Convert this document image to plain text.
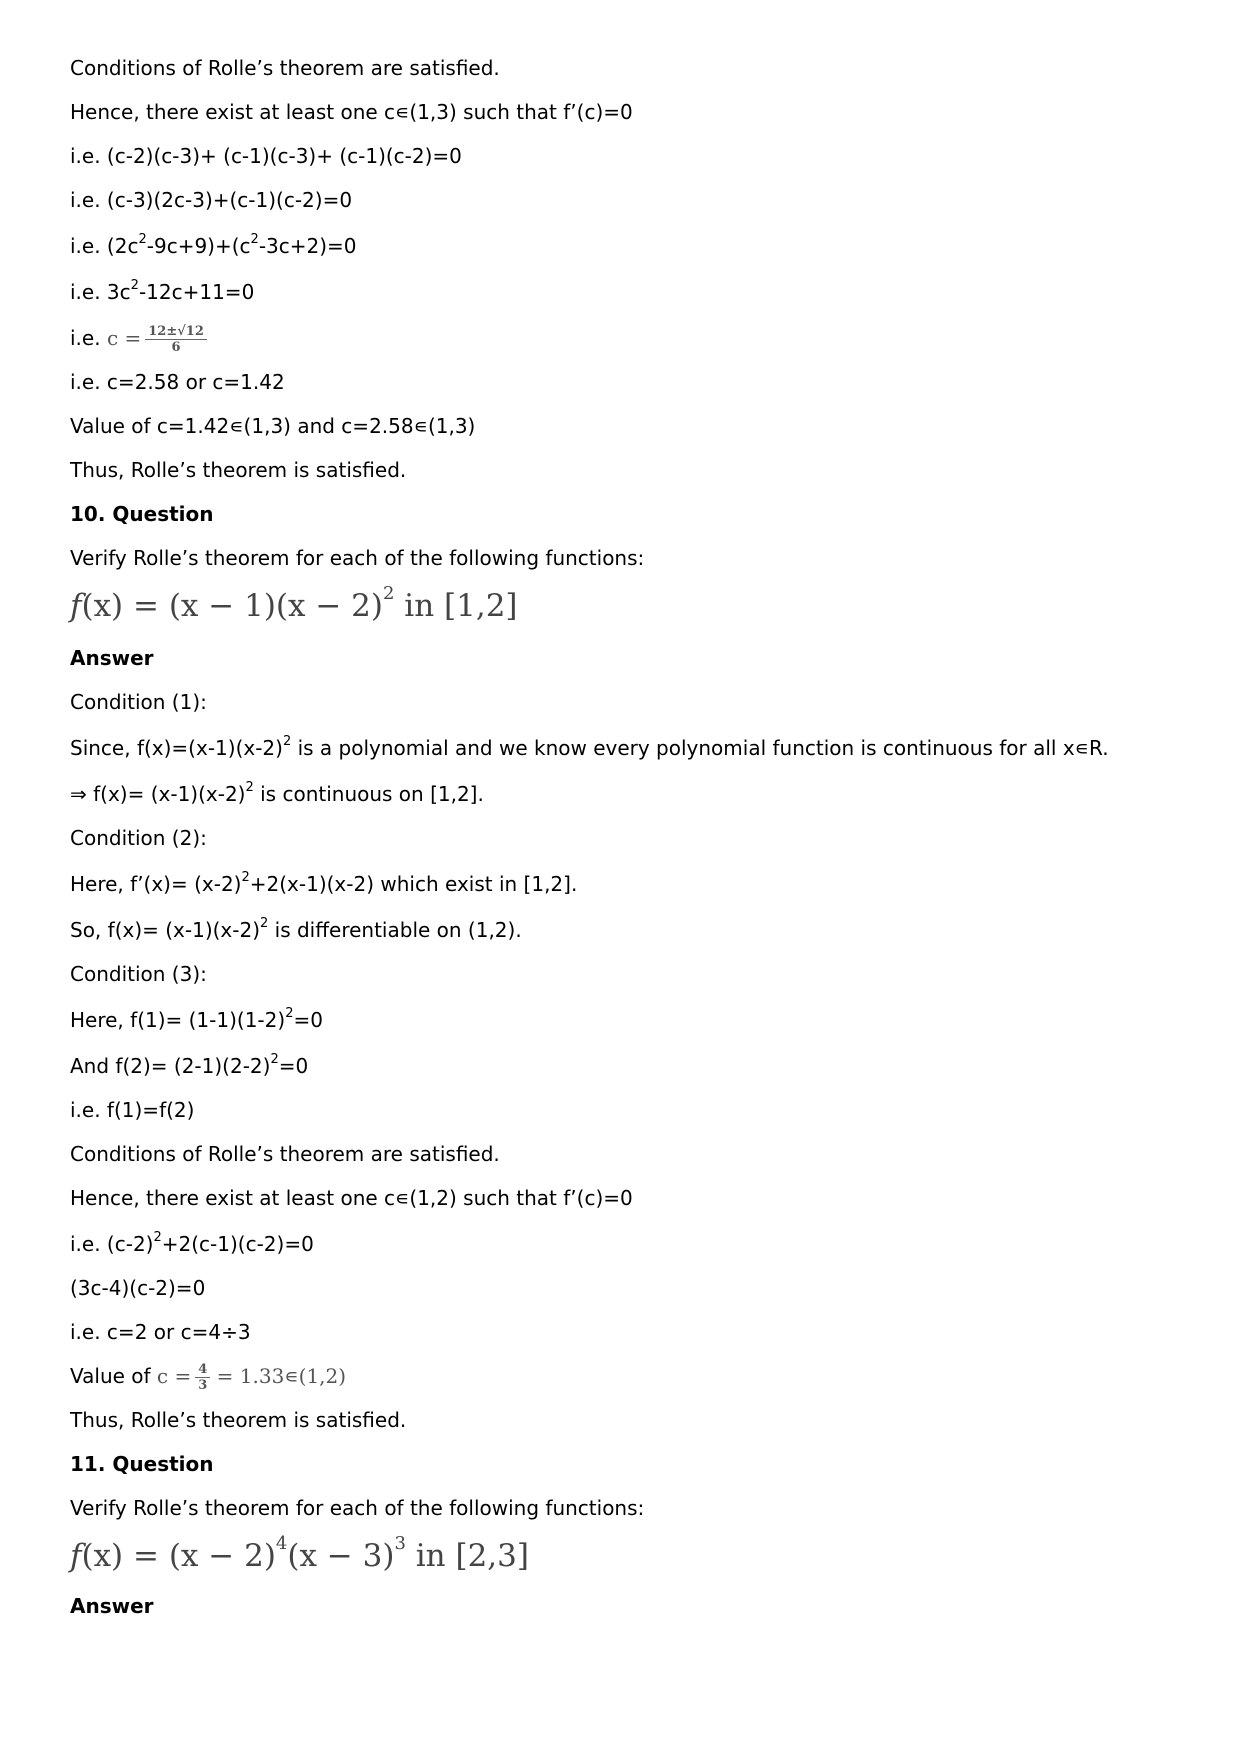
Conditions of Rolle’s theorem are satisfied.

Hence, there exist at least one c∊(1,3) such that f’(c)=0

i.e. (c-2)(c-3)+ (c-1)(c-3)+ (c-1)(c-2)=0

i.e. (c-3)(2c-3)+(c-1)(c-2)=0

i.e. $(2c^2-9c+9)+(c^2-3c+2)=0$

i.e. $3c^2-12c+11=0$

i.e. $c = \frac{12\pm√12}{6}$

i.e. c=2.58 or c=1.42

Value of c=1.42∊(1,3) and c=2.58∊(1,3)

Thus, Rolle’s theorem is satisfied.

10. Question

Verify Rolle’s theorem for each of the following functions:

$f(x) = (x - 1)(x - 2)^2$ in [1,2]

Answer

Condition (1):

Since, $f(x)=(x-1)(x-2)^2$ is a polynomial and we know every polynomial function is continuous for all x∊R.

⇒ $f(x)= (x-1)(x-2)^2$ is continuous on [1,2].

Condition (2):

Here, f’(x)= $(x-2)^2+2(x-1)(x-2)$ which exist in [1,2].

So, $f(x)= (x-1)(x-2)^2$ is differentiable on (1,2).

Condition (3):

Here, $f(1)= (1-1)(1-2)^2=0$

And $f(2)= (2-1)(2-2)^2=0$

i.e. f(1)=f(2)

Conditions of Rolle’s theorem are satisfied.

Hence, there exist at least one c∊(1,2) such that f’(c)=0

i.e. $(c-2)^2+2(c-1)(c-2)=0$

(3c-4)(c-2)=0

i.e. c=2 or c=4÷3

Value of $c = \frac{4}{3}$ = 1.33∊(1,2)

Thus, Rolle’s theorem is satisfied.

11. Question

Verify Rolle’s theorem for each of the following functions:

$f(x) = (x - 2)^4(x - 3)^3$ in [2,3]

Answer
